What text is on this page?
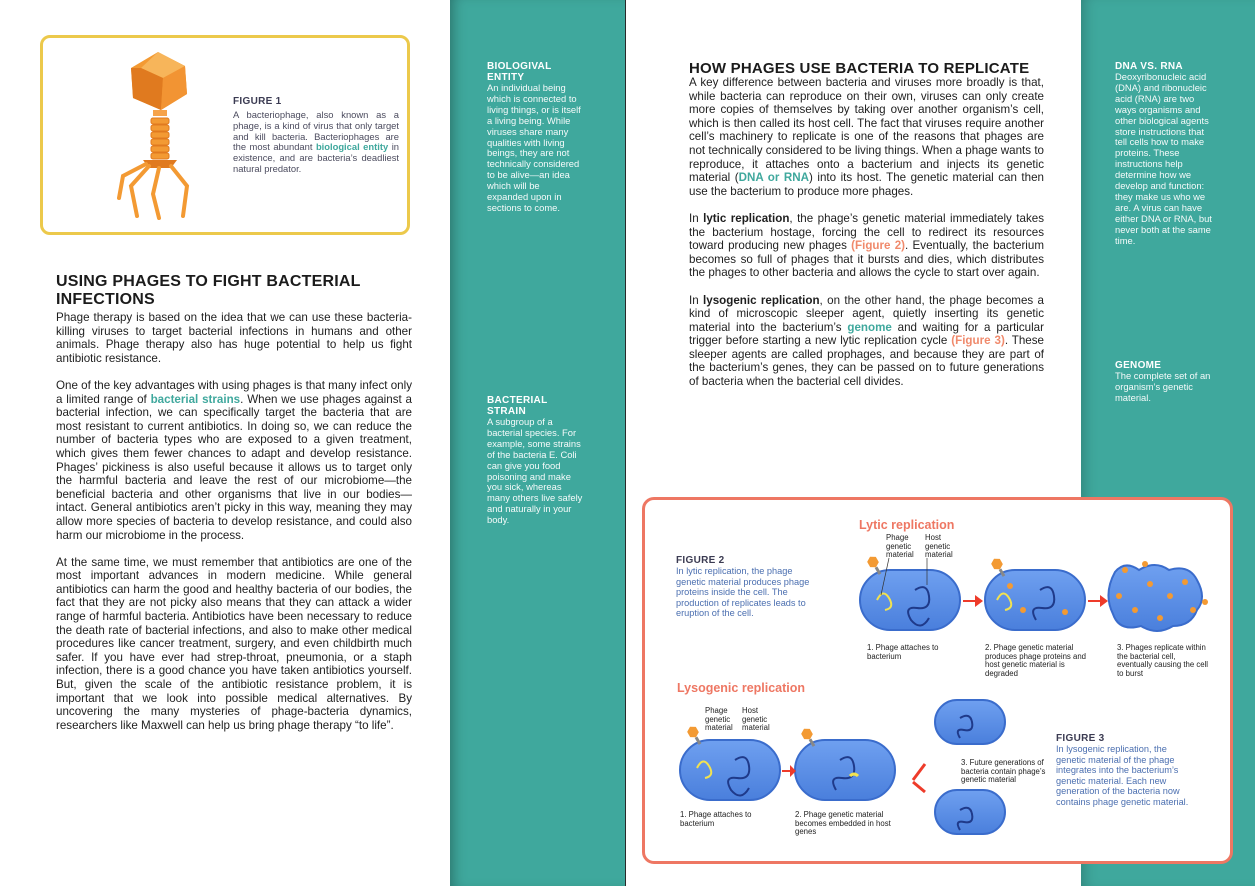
FIGURE 1
A bacteriophage, also known as a phage, is a kind of virus that only target and kill bacteria. Bacteriophages are the most abundant biological entity in existence, and are bacteria’s deadliest natural predator.
BIOLOGIVAL ENTITY
An individual being which is connected to living things, or is itself a living being. While viruses share many qualities with living beings, they are not technically considered to be alive—an idea which will be expanded upon in sections to come.
BACTERIAL STRAIN
A subgroup of a bacterial species. For example, some strains of the bacteria E. Coli can give you food poisoning and make you sick, whereas many others live safely and naturally in your body.
DNA VS. RNA
Deoxyribonucleic acid (DNA) and ribonucleic acid (RNA) are two ways organisms and other biological agents store instructions that tell cells how to make proteins. These instructions help determine how we develop and function: they make us who we are. A virus can have either DNA or RNA, but never both at the same time.
GENOME
The complete set of an organism’s genetic material.
USING PHAGES TO FIGHT BACTERIAL INFECTIONS

Phage therapy is based on the idea that we can use these bacteria-killing viruses to target bacterial infections in humans and other animals. Phage therapy also has huge potential to help us fight antibiotic resistance.

One of the key advantages with using phages is that many infect only a limited range of bacterial strains. When we use phages against a bacterial infection, we can specifically target the bacteria that are most resistant to current antibiotics. In doing so, we can reduce the number of bacteria types who are exposed to a given treatment, which gives them fewer chances to adapt and develop resistance. Phages’ pickiness is also useful because it allows us to target only the harmful bacteria and leave the rest of our microbiome—the beneficial bacteria and other organisms that live in our bodies—intact. General antibiotics aren’t picky in this way, meaning they may allow more species of bacteria to develop resistance, and could also harm our microbiome in the process.

At the same time, we must remember that antibiotics are one of the most important advances in modern medicine. While general antibiotics can harm the good and healthy bacteria of our bodies, the fact that they are not picky also means that they can attack a wider range of harmful bacteria. Antibiotics have been necessary to reduce the death rate of bacterial infections, and also to make other medical procedures like cancer treatment, surgery, and even childbirth much safer. If you have ever had strep-throat, pneumonia, or a staph infection, there is a good chance you have taken antibiotics yourself. But, given the scale of the antibiotic resistance problem, it is important that we look into possible medical alternatives. By uncovering the many mysteries of phage-bacteria dynamics, researchers like Maxwell can help us bring phage therapy “to life”.

HOW PHAGES USE BACTERIA TO REPLICATE

A key difference between bacteria and viruses more broadly is that, while bacteria can reproduce on their own, viruses can only create more copies of themselves by taking over another organism’s cell, which is then called its host cell. The fact that viruses require another cell’s machinery to replicate is one of the reasons that phages are not technically considered to be living things. When a phage wants to reproduce, it attaches onto a bacterium and injects its genetic material (DNA or RNA) into its host. The genetic material can then use the bacterium to produce more phages.

In lytic replication, the phage’s genetic material immediately takes the bacterium hostage, forcing the cell to redirect its resources toward producing new phages (Figure 2). Eventually, the bacterium becomes so full of phages that it bursts and dies, which distributes the phages to other bacteria and allows the cycle to start over again.

In lysogenic replication, on the other hand, the phage becomes a kind of microscopic sleeper agent, quietly inserting its genetic material into the bacterium’s genome and waiting for a particular trigger before starting a new lytic replication cycle (Figure 3). These sleeper agents are called prophages, and because they are part of the bacterium’s genes, they can be passed on to future generations of bacteria when the bacterial cell divides.

Lytic replication
Lysogenic replication
FIGURE 2
In lytic replication, the phage genetic material produces phage proteins inside the cell. The production of replicates leads to eruption of the cell.
FIGURE 3
In lysogenic replication, the genetic material of the phage integrates into the bacterium’s genetic material. Each new generation of the bacteria now contains phage genetic material.
Phage genetic material
Host genetic material
1. Phage attaches to bacterium
2. Phage genetic material produces phage proteins and host genetic material is degraded
3. Phages replicate within the bacterial cell, eventually causing the cell to burst
Phage genetic material
Host genetic material
1. Phage attaches to bacterium
2. Phage genetic material becomes embedded in host genes
3. Future generations of bacteria contain phage’s genetic material
